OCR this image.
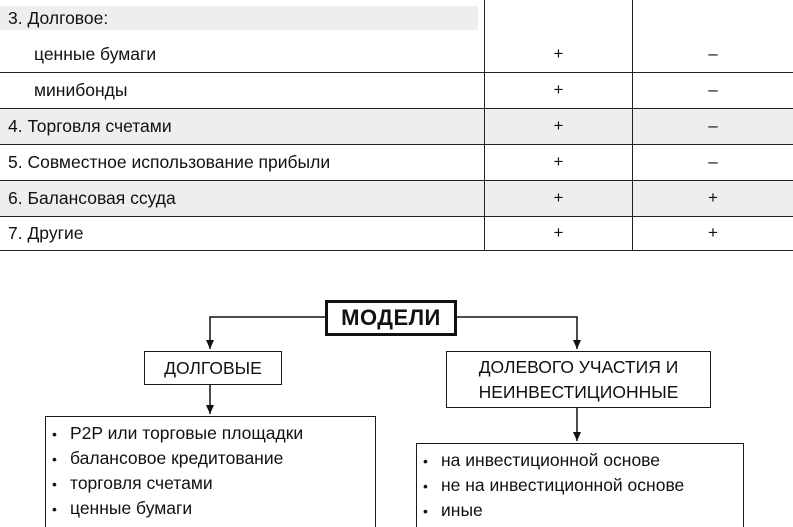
3. Долговое:
ценные бумаги	+	–
минибонды	+	–
4. Торговля счетами	+	–
5. Совместное использование прибыли	+	–
6. Балансовая ссуда	+	+
7. Другие	+	+
МОДЕЛИ
ДОЛГОВЫЕ	ДОЛЕВОГО УЧАСТИЯ И
НЕИНВЕСТИЦИОННЫЕ
• P2P или торговые площадки
• балансовое кредитование
• торговля счетами
• ценные бумаги
• на инвестиционной основе
• не на инвестиционной основе
• иные
